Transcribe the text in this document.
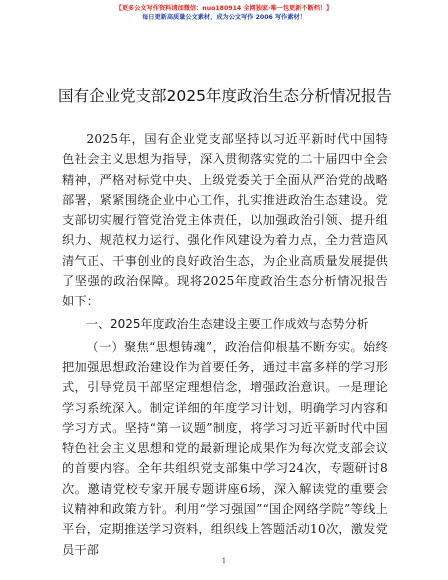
【更多公文写作资料请加微信：nuo180914 全网独家·唯一包更新不断档！】
每日更新高质量公文素材，成为公文写作 2006 写作素材！
国有企业党支部2025年度政治生态分析情况报告

2025年，国有企业党支部坚持以习近平新时代中国特色社会主义思想为指导，深入贯彻落实党的二十届四中全会精神，严格对标党中央、上级党委关于全面从严治党的战略部署，紧紧围绕企业中心工作，扎实推进政治生态建设。党支部切实履行管党治党主体责任，以加强政治引领、提升组织力、规范权力运行、强化作风建设为着力点，全力营造风清气正、干事创业的良好政治生态，为企业高质量发展提供了坚强的政治保障。现将2025年度政治生态分析情况报告如下：

一、2025年度政治生态建设主要工作成效与态势分析

（一）聚焦“思想铸魂”，政治信仰根基不断夯实。始终把加强思想政治建设作为首要任务，通过丰富多样的学习形式，引导党员干部坚定理想信念，增强政治意识。一是理论学习系统深入。制定详细的年度学习计划，明确学习内容和学习方式。坚持“第一议题”制度，将学习习近平新时代中国特色社会主义思想和党的最新理论成果作为每次党支部会议的首要内容。全年共组织党支部集中学习24次，专题研讨8次。邀请党校专家开展专题讲座6场，深入解读党的重要会议精神和政策方针。利用“学习强国”“国企网络学院”等线上平台，定期推送学习资料，组织线上答题活动10次，激发党员干部

1
